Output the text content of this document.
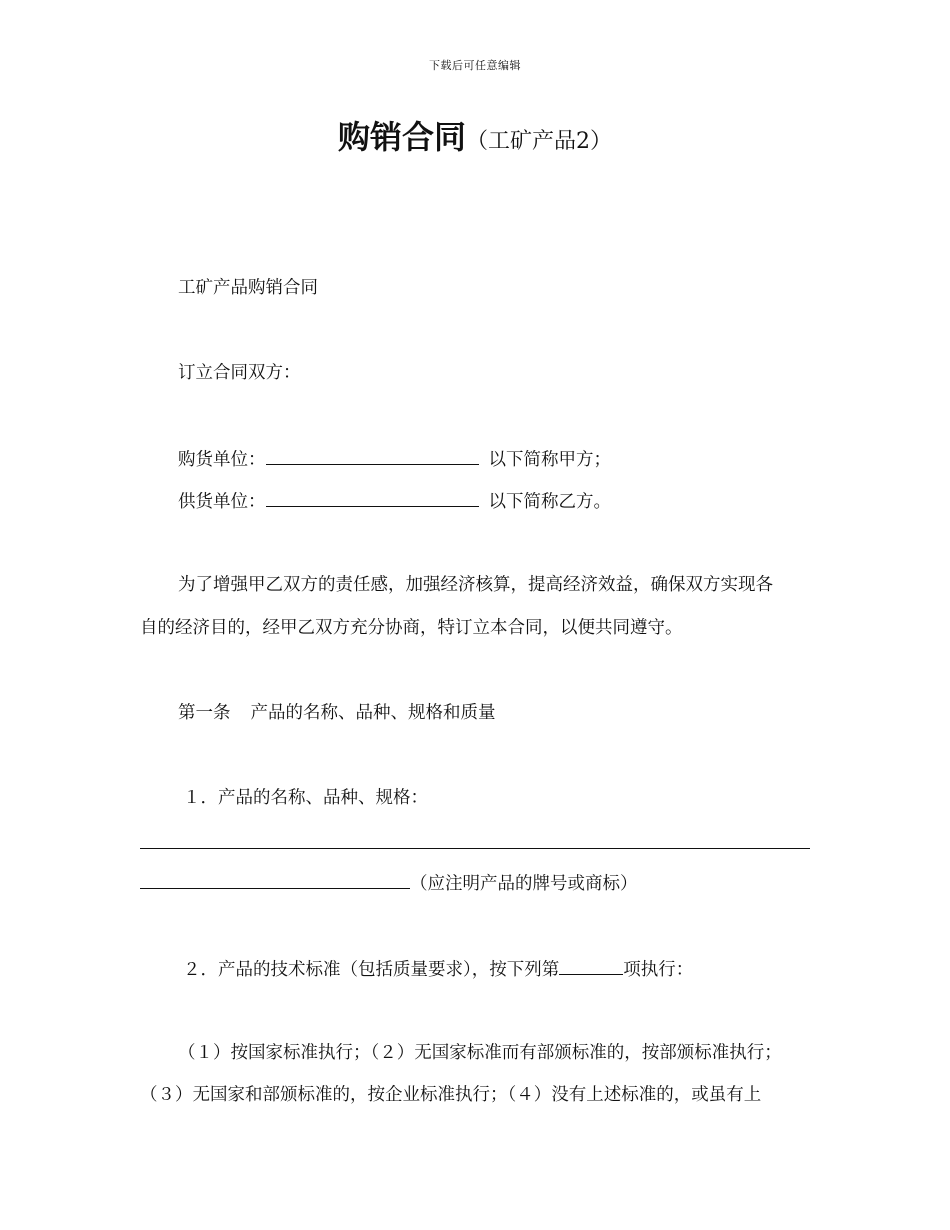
下载后可任意编辑
购销合同（工矿产品2）
工矿产品购销合同
订立合同双方：
购货单位：	以下简称甲方；
供货单位：	以下简称乙方。
为了增强甲乙双方的责任感，加强经济核算，提高经济效益，确保双方实现各
自的经济目的，经甲乙双方充分协商，特订立本合同，以便共同遵守。
第一条 产品的名称、品种、规格和质量
１．产品的名称、品种、规格：
（应注明产品的牌号或商标）
２．产品的技术标准（包括质量要求），按下列第	项执行：
（１）按国家标准执行；（２）无国家标准而有部颁标准的，按部颁标准执行；
（３）无国家和部颁标准的，按企业标准执行；（４）没有上述标准的，或虽有上
